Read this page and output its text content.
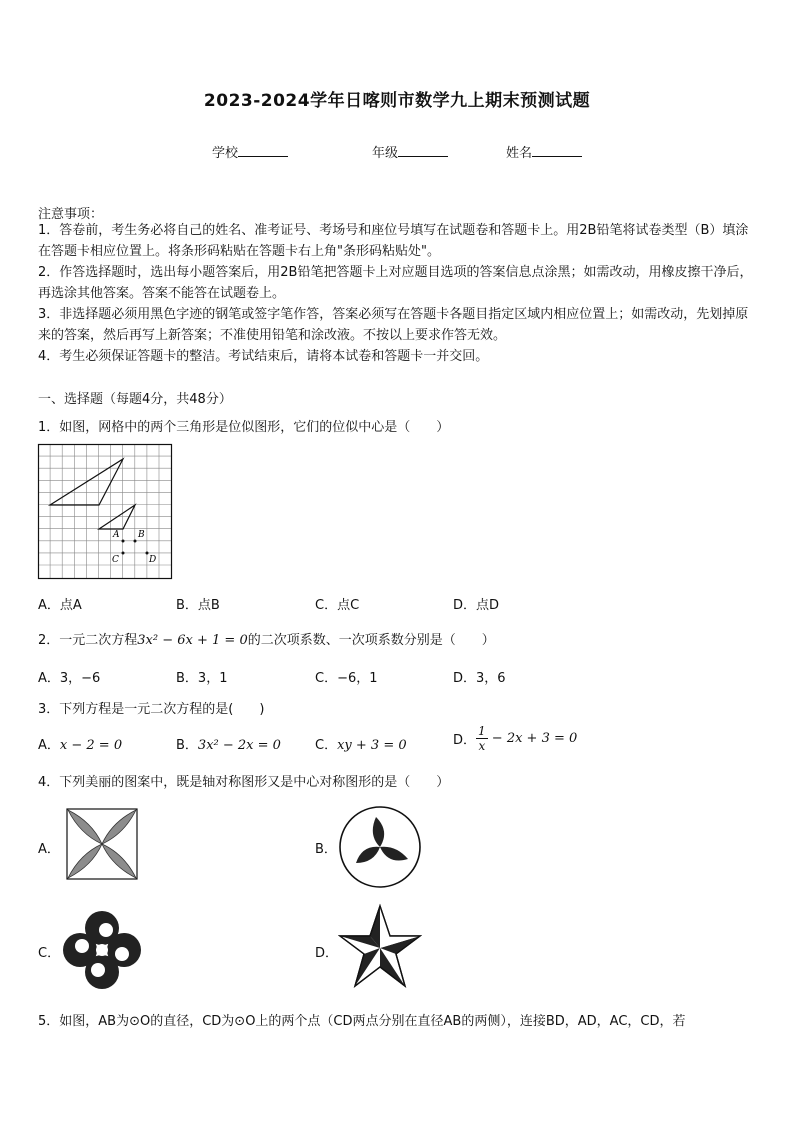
2023-2024学年日喀则市数学九上期末预测试题
学校	年级	姓名
注意事项：
1．答卷前，考生务必将自己的姓名、准考证号、考场号和座位号填写在试题卷和答题卡上。用2B铅笔将试卷类型（B）填涂在答题卡相应位置上。将条形码粘贴在答题卡右上角"条形码粘贴处"。
2．作答选择题时，选出每小题答案后，用2B铅笔把答题卡上对应题目选项的答案信息点涂黑；如需改动，用橡皮擦干净后，再选涂其他答案。答案不能答在试题卷上。
3．非选择题必须用黑色字迹的钢笔或签字笔作答，答案必须写在答题卡各题目指定区域内相应位置上；如需改动，先划掉原来的答案，然后再写上新答案；不准使用铅笔和涂改液。不按以上要求作答无效。
4．考生必须保证答题卡的整洁。考试结束后，请将本试卷和答题卡一并交回。
一、选择题（每题4分，共48分）
1．如图，网格中的两个三角形是位似图形，它们的位似中心是（　　）
A B
C	D
A．点A	B．点B	C．点C	D．点D
2．一元二次方程3x² − 6x + 1 = 0的二次项系数、一次项系数分别是（　　）
A．3，−6	B．3，1	C．−6，1	D．3，6
3．下列方程是一元二次方程的是(　　)
A．x − 2 = 0	B．3x² − 2x = 0	C．xy + 3 = 0	D． $\frac{1}{x} - 2x + 3 = 0$
4．下列美丽的图案中，既是轴对称图形又是中心对称图形的是（　　）
A．	B．
C．	D．
5．如图，AB为⊙O的直径，CD为⊙O上的两个点（CD两点分别在直径AB的两侧），连接BD，AD，AC，CD，若
